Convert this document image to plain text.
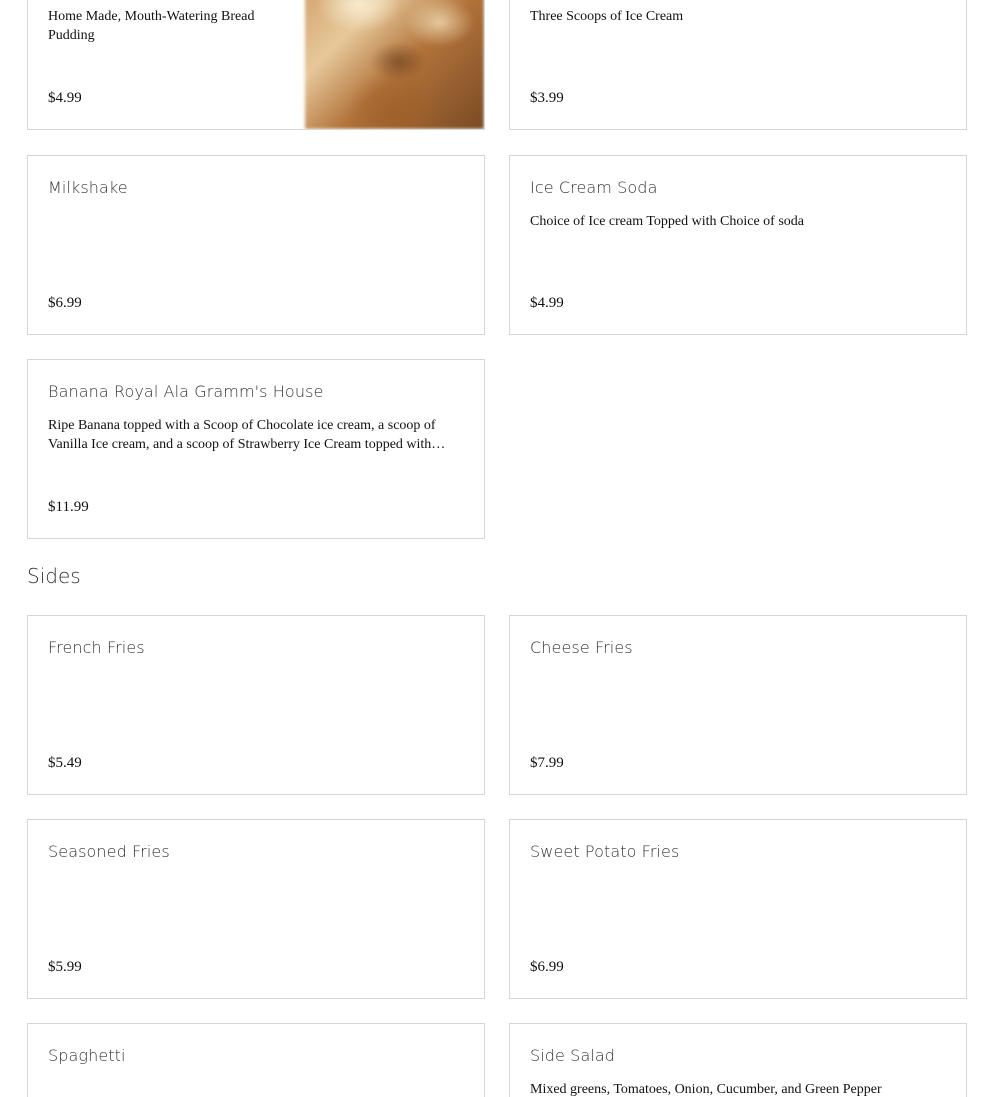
Home Made, Mouth-Watering Bread Pudding
$4.99
Three Scoops of Ice Cream
$3.99
Milkshake
$6.99
Ice Cream Soda
Choice of Ice cream Topped with Choice of soda
$4.99
Banana Royal Ala Gramm's House
Ripe Banana topped with a Scoop of Chocolate ice cream, a scoop of Vanilla Ice cream, and a scoop of Strawberry Ice Cream topped with…
$11.99
Sides
French Fries
$5.49
Cheese Fries
$7.99
Seasoned Fries
$5.99
Sweet Potato Fries
$6.99
Spaghetti	Side Salad
Mixed greens, Tomatoes, Onion, Cucumber, and Green Pepper
